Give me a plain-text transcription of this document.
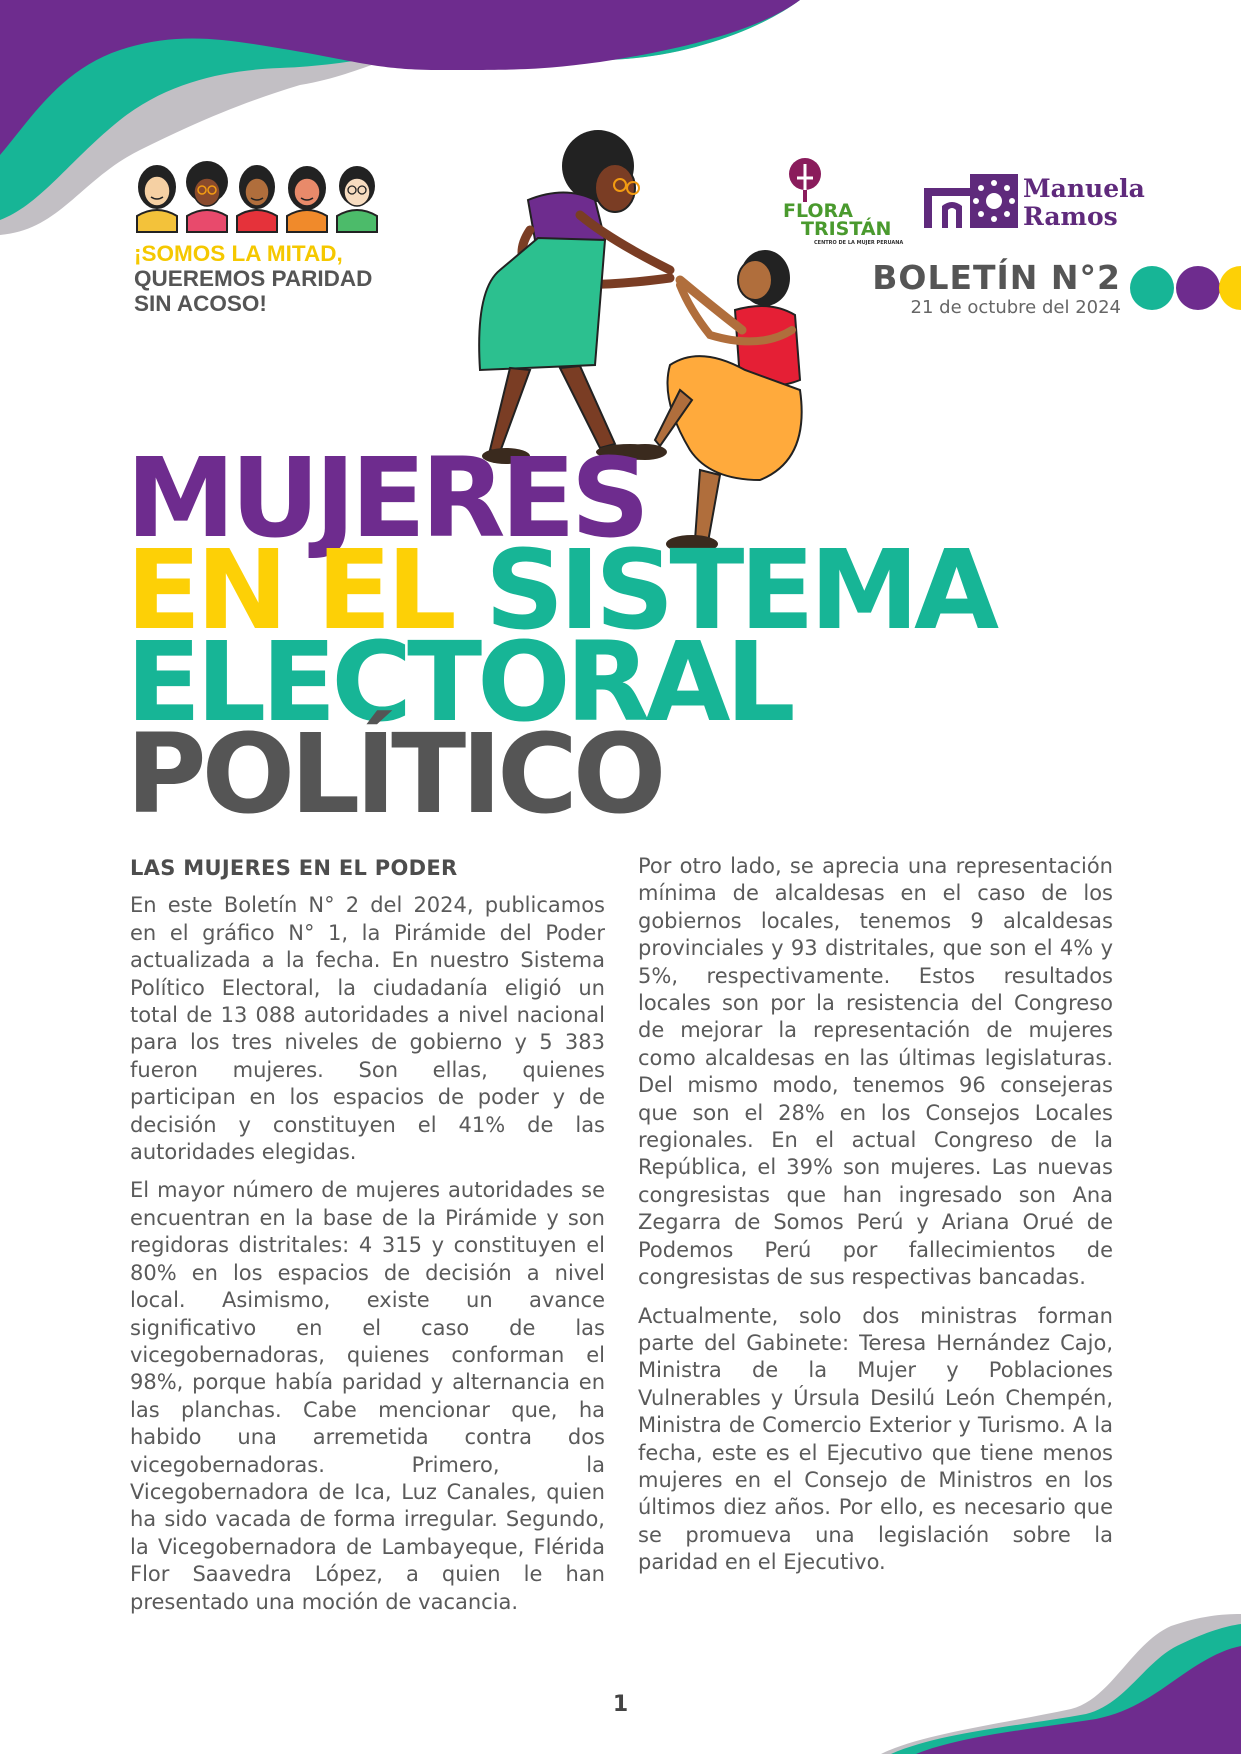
¡SOMOS LA MITAD,
QUEREMOS PARIDAD
SIN ACOSO!
FLORA
TRISTÁN
CENTRO DE LA MUJER PERUANA
Manuela
Ramos
BOLETÍN N°2
21 de octubre del 2024
MUJERES
EN EL SISTEMA
ELECTORAL
POLÍTICO
LAS MUJERES EN EL PODER

En este Boletín N° 2 del 2024, publicamos en el gráfico N° 1, la Pirámide del Poder actualizada a la fecha. En nuestro Sistema Político Electoral, la ciudadanía eligió un total de 13 088 autoridades a nivel nacional para los tres niveles de gobierno y 5 383 fueron mujeres. Son ellas, quienes participan en los espacios de poder y de decisión y constituyen el 41% de las autoridades elegidas.

El mayor número de mujeres autoridades se encuentran en la base de la Pirámide y son regidoras distritales: 4 315 y constituyen el 80% en los espacios de decisión a nivel local. Asimismo, existe un avance significativo en el caso de las vicegobernadoras, quienes conforman el 98%, porque había paridad y alternancia en las planchas. Cabe mencionar que, ha habido una arremetida contra dos vicegobernadoras. Primero, la Vicegobernadora de Ica, Luz Canales, quien ha sido vacada de forma irregular. Segundo, la Vicegobernadora de Lambayeque, Flérida Flor Saavedra López, a quien le han presentado una moción de vacancia.

Por otro lado, se aprecia una representación mínima de alcaldesas en el caso de los gobiernos locales, tenemos 9 alcaldesas provinciales y 93 distritales, que son el 4% y 5%, respectivamente. Estos resultados locales son por la resistencia del Congreso de mejorar la representación de mujeres como alcaldesas en las últimas legislaturas. Del mismo modo, tenemos 96 consejeras que son el 28% en los Consejos Locales regionales. En el actual Congreso de la República, el 39% son mujeres. Las nuevas congresistas que han ingresado son Ana Zegarra de Somos Perú y Ariana Orué de Podemos Perú por fallecimientos de congresistas de sus respectivas bancadas.

Actualmente, solo dos ministras forman parte del Gabinete: Teresa Hernández Cajo, Ministra de la Mujer y Poblaciones Vulnerables y Úrsula Desilú León Chempén, Ministra de Comercio Exterior y Turismo. A la fecha, este es el Ejecutivo que tiene menos mujeres en el Consejo de Ministros en los últimos diez años. Por ello, es necesario que se promueva una legislación sobre la paridad en el Ejecutivo.

1
